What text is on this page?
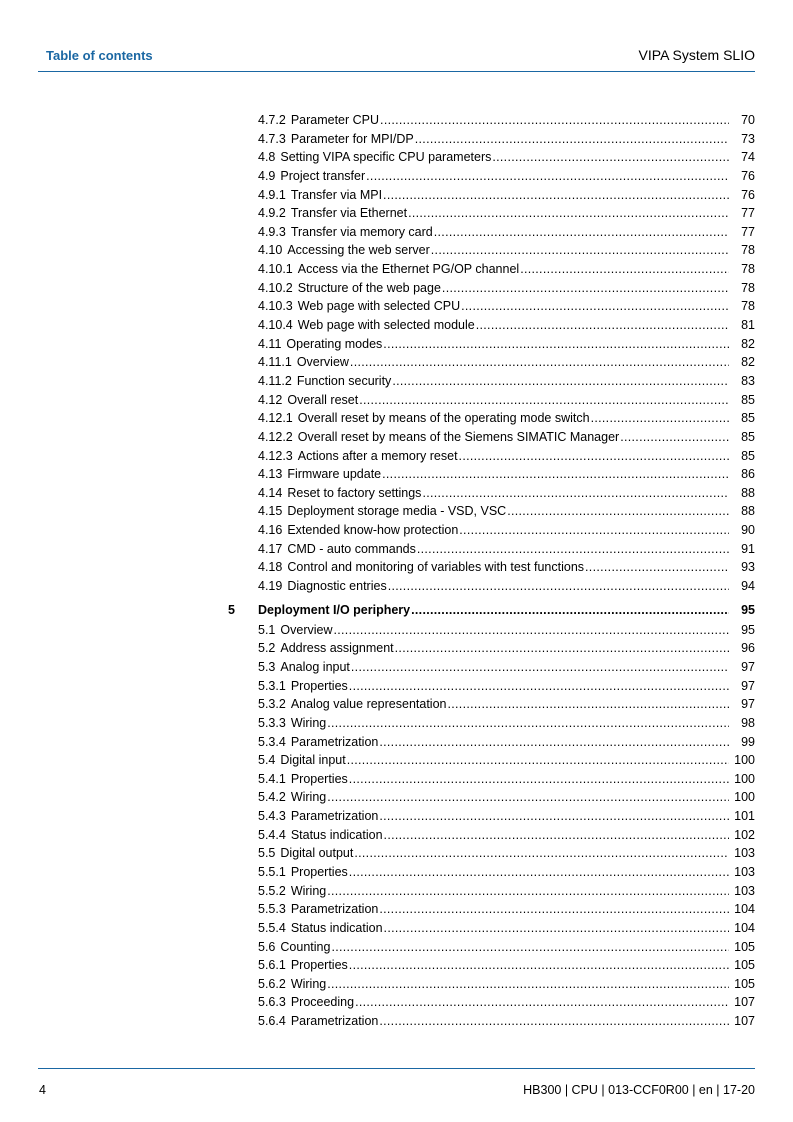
Table of contents	VIPA System SLIO
4.7.2 Parameter CPU .....	70
4.7.3 Parameter for MPI/DP .....	73
4.8 Setting VIPA specific CPU parameters .....	74
4.9 Project transfer .....	76
4.9.1 Transfer via MPI .....	76
4.9.2 Transfer via Ethernet .....	77
4.9.3 Transfer via memory card .....	77
4.10 Accessing the web server .....	78
4.10.1 Access via the Ethernet PG/OP channel .....	78
4.10.2 Structure of the web page .....	78
4.10.3 Web page with selected CPU .....	78
4.10.4 Web page with selected module .....	81
4.11 Operating modes .....	82
4.11.1 Overview .....	82
4.11.2 Function security .....	83
4.12 Overall reset .....	85
4.12.1 Overall reset by means of the operating mode switch .....	85
4.12.2 Overall reset by means of the Siemens SIMATIC Manager .....	85
4.12.3 Actions after a memory reset .....	85
4.13 Firmware update .....	86
4.14 Reset to factory settings .....	88
4.15 Deployment storage media - VSD, VSC .....	88
4.16 Extended know-how protection .....	90
4.17 CMD - auto commands .....	91
4.18 Control and monitoring of variables with test functions .....	93
4.19 Diagnostic entries .....	94
5 Deployment I/O periphery .....	95
5.1 Overview .....	95
5.2 Address assignment .....	96
5.3 Analog input .....	97
5.3.1 Properties .....	97
5.3.2 Analog value representation .....	97
5.3.3 Wiring .....	98
5.3.4 Parametrization .....	99
5.4 Digital input .....	100
5.4.1 Properties .....	100
5.4.2 Wiring .....	100
5.4.3 Parametrization .....	101
5.4.4 Status indication .....	102
5.5 Digital output .....	103
5.5.1 Properties .....	103
5.5.2 Wiring .....	103
5.5.3 Parametrization .....	104
5.5.4 Status indication .....	104
5.6 Counting .....	105
5.6.1 Properties .....	105
5.6.2 Wiring .....	105
5.6.3 Proceeding .....	107
5.6.4 Parametrization .....	107
4	HB300 | CPU | 013-CCF0R00 | en | 17-20
